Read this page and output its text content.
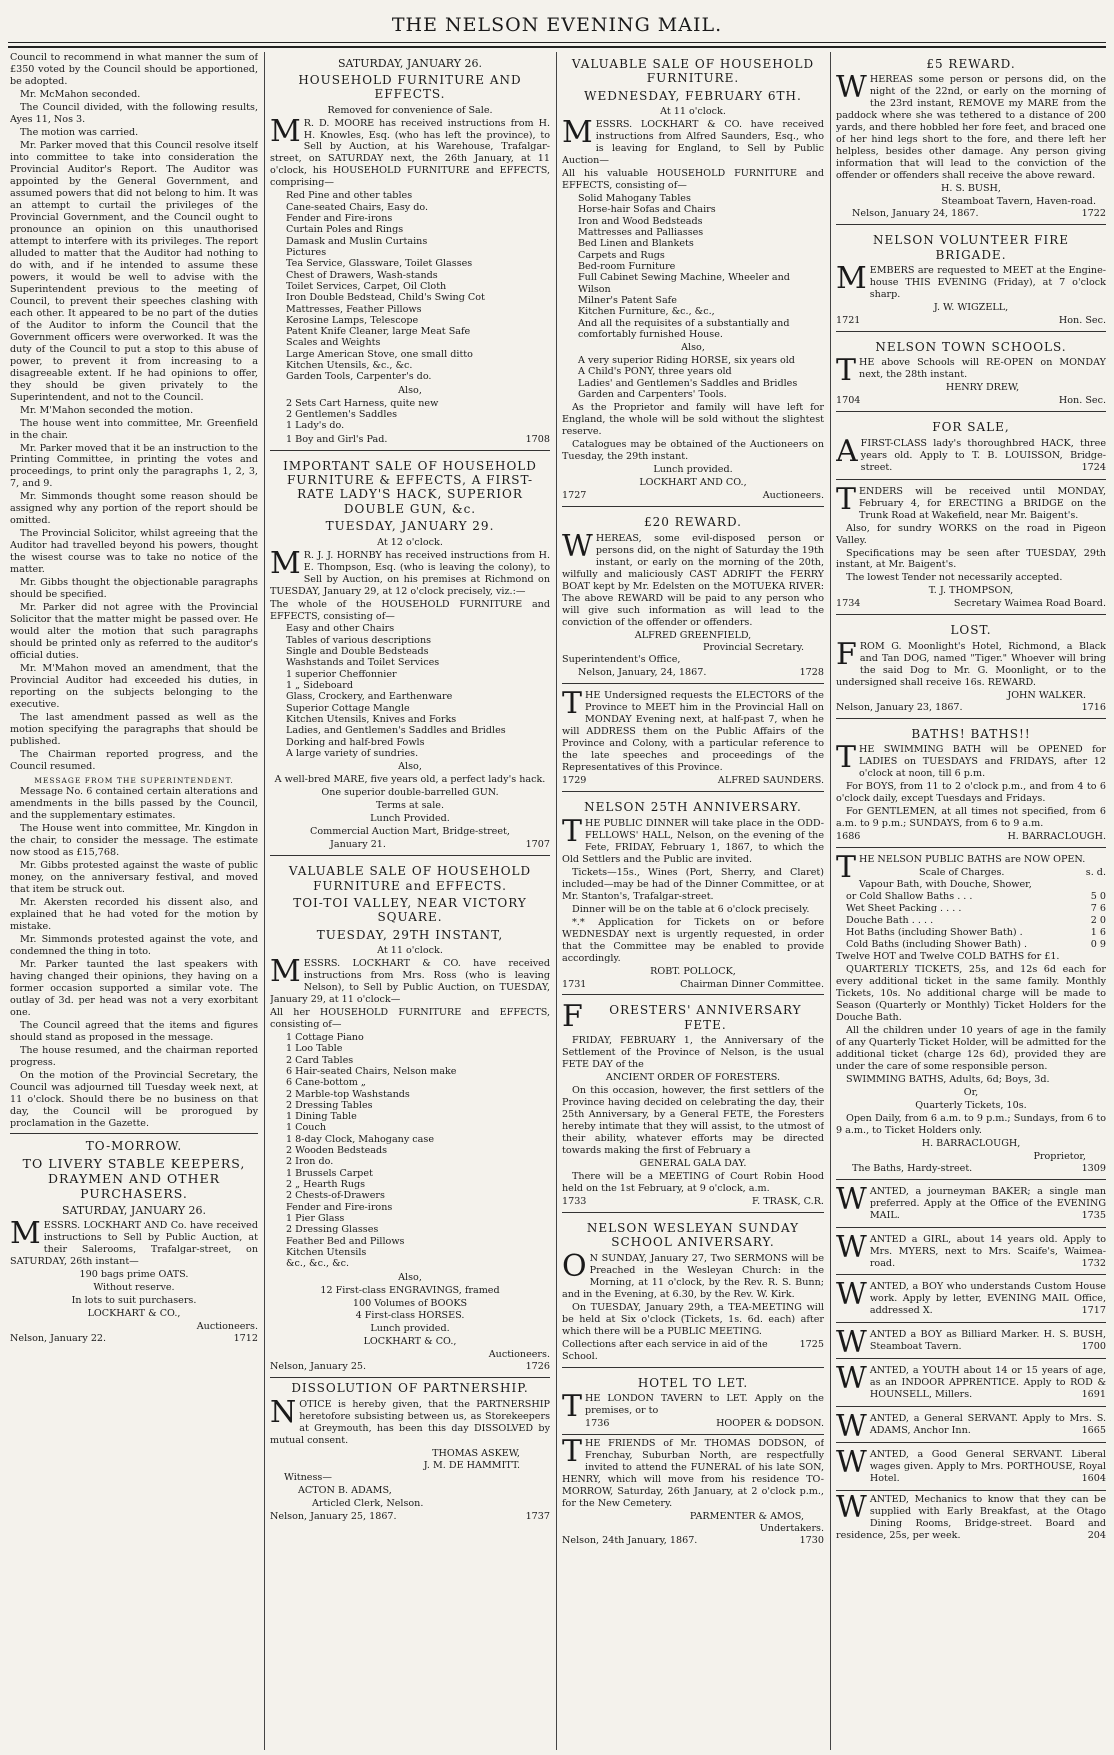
THE NELSON EVENING MAIL.

Council to recommend in what manner the sum of £350 voted by the Council should be apportioned, be adopted.

Mr. McMahon seconded.

The Council divided, with the following results, Ayes 11, Nos 3.

The motion was carried.

Mr. Parker moved that this Council resolve itself into committee to take into consideration the Provincial Auditor's Report. The Auditor was appointed by the General Government, and assumed powers that did not belong to him. It was an attempt to curtail the privileges of the Provincial Government, and the Council ought to pronounce an opinion on this unauthorised attempt to interfere with its privileges. The report alluded to matter that the Auditor had nothing to do with, and if he intended to assume these powers, it would be well to advise with the Superintendent previous to the meeting of Council, to prevent their speeches clashing with each other. It appeared to be no part of the duties of the Auditor to inform the Council that the Government officers were overworked. It was the duty of the Council to put a stop to this abuse of power, to prevent it from increasing to a disagreeable extent. If he had opinions to offer, they should be given privately to the Superintendent, and not to the Council.

Mr. M'Mahon seconded the motion.

The house went into committee, Mr. Greenfield in the chair.

Mr. Parker moved that it be an instruction to the Printing Committee, in printing the votes and proceedings, to print only the paragraphs 1, 2, 3, 7, and 9.

Mr. Simmonds thought some reason should be assigned why any portion of the report should be omitted.

The Provincial Solicitor, whilst agreeing that the Auditor had travelled beyond his powers, thought the wisest course was to take no notice of the matter.

Mr. Gibbs thought the objectionable paragraphs should be specified.

Mr. Parker did not agree with the Provincial Solicitor that the matter might be passed over. He would alter the motion that such paragraphs should be printed only as referred to the auditor's official duties.

Mr. M'Mahon moved an amendment, that the Provincial Auditor had exceeded his duties, in reporting on the subjects belonging to the executive.

The last amendment passed as well as the motion specifying the paragraphs that should be published.

The Chairman reported progress, and the Council resumed.

MESSAGE FROM THE SUPERINTENDENT.

Message No. 6 contained certain alterations and amendments in the bills passed by the Council, and the supplementary estimates.

The House went into committee, Mr. Kingdon in the chair, to consider the message. The estimate now stood as £15,768.

Mr. Gibbs protested against the waste of public money, on the anniversary festival, and moved that item be struck out.

Mr. Akersten recorded his dissent also, and explained that he had voted for the motion by mistake.

Mr. Simmonds protested against the vote, and condemned the thing in toto.

Mr. Parker taunted the last speakers with having changed their opinions, they having on a former occasion supported a similar vote. The outlay of 3d. per head was not a very exorbitant one.

The Council agreed that the items and figures should stand as proposed in the message.

The house resumed, and the chairman reported progress.

On the motion of the Provincial Secretary, the Council was adjourned till Tuesday week next, at 11 o'clock. Should there be no business on that day, the Council will be prorogued by proclamation in the Gazette.

TO-MORROW.
TO LIVERY STABLE KEEPERS, DRAYMEN AND OTHER PURCHASERS.
SATURDAY, JANUARY 26.

MESSRS. LOCKHART AND Co. have received instructions to Sell by Public Auction, at their Salerooms, Trafalgar-street, on SATURDAY, 26th instant—

190 bags prime OATS.

Without reserve.

In lots to suit purchasers.

LOCKHART & CO.,

Auctioneers.

Nelson, January 22.	1712
SATURDAY, JANUARY 26.
HOUSEHOLD FURNITURE AND EFFECTS.

Removed for convenience of Sale.

M R. D. MOORE has received instructions from H. H. Knowles, Esq. (who has left the province), to Sell by Auction, at his Warehouse, Trafalgar-street, on SATURDAY next, the 26th January, at 11 o'clock, his HOUSEHOLD FURNITURE and EFFECTS, comprising—

Red Pine and other tables
Cane-seated Chairs, Easy do.
Fender and Fire-irons
Curtain Poles and Rings
Damask and Muslin Curtains
Pictures
Tea Service, Glassware, Toilet Glasses
Chest of Drawers, Wash-stands
Toilet Services, Carpet, Oil Cloth
Iron Double Bedstead, Child's Swing Cot
Mattresses, Feather Pillows
Kerosine Lamps, Telescope
Patent Knife Cleaner, large Meat Safe
Scales and Weights
Large American Stove, one small ditto
Kitchen Utensils, &c., &c.
Garden Tools, Carpenter's do.

Also,

2 Sets Cart Harness, quite new
2 Gentlemen's Saddles
1 Lady's do.
1 Boy and Girl's Pad.	1708
IMPORTANT SALE OF HOUSEHOLD FURNITURE & EFFECTS, A FIRST-RATE LADY'S HACK, SUPERIOR DOUBLE GUN, &c.
TUESDAY, JANUARY 29.

At 12 o'clock.

M R. J. J. HORNBY has received instructions from H. E. Thompson, Esq. (who is leaving the colony), to Sell by Auction, on his premises at Richmond on TUESDAY, January 29, at 12 o'clock precisely, viz.:—

The whole of the HOUSEHOLD FURNITURE and EFFECTS, consisting of—

Easy and other Chairs
Tables of various descriptions
Single and Double Bedsteads
Washstands and Toilet Services
1 superior Cheffonnier
1 „ Sideboard
Glass, Crockery, and Earthenware
Superior Cottage Mangle
Kitchen Utensils, Knives and Forks
Ladies, and Gentlemen's Saddles and Bridles
Dorking and half-bred Fowls
A large variety of sundries.

Also,

A well-bred MARE, five years old, a perfect lady's hack.

One superior double-barrelled GUN.

Terms at sale.

Lunch Provided.

Commercial Auction Mart, Bridge-street,

January 21.	1707
VALUABLE SALE OF HOUSEHOLD FURNITURE and EFFECTS.
TOI-TOI VALLEY, NEAR VICTORY SQUARE.
TUESDAY, 29TH INSTANT,

At 11 o'clock.

MESSRS. LOCKHART & CO. have received instructions from Mrs. Ross (who is leaving Nelson), to Sell by Public Auction, on TUESDAY, January 29, at 11 o'clock—

All her HOUSEHOLD FURNITURE and EFFECTS, consisting of—

1 Cottage Piano
1 Loo Table
2 Card Tables
6 Hair-seated Chairs, Nelson make
6 Cane-bottom „
2 Marble-top Washstands
2 Dressing Tables
1 Dining Table
1 Couch
1 8-day Clock, Mahogany case
2 Wooden Bedsteads
2 Iron do.
1 Brussels Carpet
2 „ Hearth Rugs
2 Chests-of-Drawers
Fender and Fire-irons
1 Pier Glass
2 Dressing Glasses
Feather Bed and Pillows
Kitchen Utensils
&c., &c., &c.

Also,

12 First-class ENGRAVINGS, framed

100 Volumes of BOOKS

4 First-class HORSES.

Lunch provided.

LOCKHART & CO.,

Auctioneers.

Nelson, January 25.	1726
DISSOLUTION OF PARTNERSHIP.

NOTICE is hereby given, that the PARTNERSHIP heretofore subsisting between us, as Storekeepers at Greymouth, has been this day DISSOLVED by mutual consent.

THOMAS ASKEW,

J. M. DE HAMMITT.

Witness—

ACTON B. ADAMS,

Articled Clerk, Nelson.

Nelson, January 25, 1867.	1737
VALUABLE SALE OF HOUSEHOLD FURNITURE.
WEDNESDAY, FEBRUARY 6TH.

At 11 o'clock.

MESSRS. LOCKHART & CO. have received instructions from Alfred Saunders, Esq., who is leaving for England, to Sell by Public Auction—

All his valuable HOUSEHOLD FURNITURE and EFFECTS, consisting of—

Solid Mahogany Tables
Horse-hair Sofas and Chairs
Iron and Wood Bedsteads
Mattresses and Palliasses
Bed Linen and Blankets
Carpets and Rugs
Bed-room Furniture
Full Cabinet Sewing Machine, Wheeler and Wilson
Milner's Patent Safe
Kitchen Furniture, &c., &c.,
And all the requisites of a substantially and comfortably furnished House.

Also,

A very superior Riding HORSE, six years old
A Child's PONY, three years old
Ladies' and Gentlemen's Saddles and Bridles
Garden and Carpenters' Tools.

As the Proprietor and family will have left for England, the whole will be sold without the slightest reserve.

Catalogues may be obtained of the Auctioneers on Tuesday, the 29th instant.

Lunch provided.

LOCKHART AND CO.,

1727	Auctioneers.
£20 REWARD.

WHEREAS, some evil-disposed person or persons did, on the night of Saturday the 19th instant, or early on the morning of the 20th, wilfully and maliciously CAST ADRIFT the FERRY BOAT kept by Mr. Edelsten on the MOTUEKA RIVER: The above REWARD will be paid to any person who will give such information as will lead to the conviction of the offender or offenders.

ALFRED GREENFIELD,

Provincial Secretary.

Superintendent's Office,

Nelson, January, 24, 1867.	1728

THE Undersigned requests the ELECTORS of the Province to MEET him in the Provincial Hall on MONDAY Evening next, at half-past 7, when he will ADDRESS them on the Public Affairs of the Province and Colony, with a particular reference to the late speeches and proceedings of the Representatives of this Province.

1729	ALFRED SAUNDERS.
NELSON 25TH ANNIVERSARY.

THE PUBLIC DINNER will take place in the ODD-FELLOWS' HALL, Nelson, on the evening of the Fete, FRIDAY, February 1, 1867, to which the Old Settlers and the Public are invited.

Tickets—15s., Wines (Port, Sherry, and Claret) included—may be had of the Dinner Committee, or at Mr. Stanton's, Trafalgar-street.

Dinner will be on the table at 6 o'clock precisely.

*.* Application for Tickets on or before WEDNESDAY next is urgently requested, in order that the Committee may be enabled to provide accordingly.

ROBT. POLLOCK,

1731	Chairman Dinner Committee.
F ORESTERS' ANNIVERSARY FETE.

FRIDAY, FEBRUARY 1, the Anniversary of the Settlement of the Province of Nelson, is the usual FETE DAY of the

ANCIENT ORDER OF FORESTERS.

On this occasion, however, the first settlers of the Province having decided on celebrating the day, their 25th Anniversary, by a General FETE, the Foresters hereby intimate that they will assist, to the utmost of their ability, whatever efforts may be directed towards making the first of February a

GENERAL GALA DAY.

There will be a MEETING of Court Robin Hood held on the 1st February, at 9 o'clock, a.m.

1733	F. TRASK, C.R.
NELSON WESLEYAN SUNDAY SCHOOL ANIVERSARY.

O N SUNDAY, January 27, Two SERMONS will be Preached in the Wesleyan Church: in the Morning, at 11 o'clock, by the Rev. R. S. Bunn; and in the Evening, at 6.30, by the Rev. W. Kirk.

On TUESDAY, January 29th, a TEA-MEETING will be held at Six o'clock (Tickets, 1s. 6d. each) after which there will be a PUBLIC MEETING.

Collections after each service in aid of the School.
1725
HOTEL TO LET.

THE LONDON TAVERN to LET. Apply on the premises, or to

1736	HOOPER & DODSON.

THE FRIENDS of Mr. THOMAS DODSON, of Frenchay, Suburban North, are respectfully invited to attend the FUNERAL of his late SON, HENRY, which will move from his residence TO-MORROW, Saturday, 26th January, at 2 o'clock p.m., for the New Cemetery.

PARMENTER & AMOS,

Undertakers.

Nelson, 24th January, 1867.	1730
£5 REWARD.

WHEREAS some person or persons did, on the night of the 22nd, or early on the morning of the 23rd instant, REMOVE my MARE from the paddock where she was tethered to a distance of 200 yards, and there hobbled her fore feet, and braced one of her hind legs short to the fore, and there left her helpless, besides other damage. Any person giving information that will lead to the conviction of the offender or offenders shall receive the above reward.

H. S. BUSH,

Steamboat Tavern, Haven-road.

Nelson, January 24, 1867.	1722
NELSON VOLUNTEER FIRE BRIGADE.

MEMBERS are requested to MEET at the Engine-house THIS EVENING (Friday), at 7 o'clock sharp.

J. W. WIGZELL,

1721	Hon. Sec.
NELSON TOWN SCHOOLS.

THE above Schools will RE-OPEN on MONDAY next, the 28th instant.

HENRY DREW,

1704	Hon. Sec.
FOR SALE,

AFIRST-CLASS lady's thoroughbred HACK, three years old. Apply to T. B. LOUISSON, Bridge-street.	1724

TENDERS will be received until MONDAY, February 4, for ERECTING a BRIDGE on the Trunk Road at Wakefield, near Mr. Baigent's.

Also, for sundry WORKS on the road in Pigeon Valley.

Specifications may be seen after TUESDAY, 29th instant, at Mr. Baigent's.

The lowest Tender not necessarily accepted.

T. J. THOMPSON,

1734	Secretary Waimea Road Board.
LOST.

FROM G. Moonlight's Hotel, Richmond, a Black and Tan DOG, named "Tiger." Whoever will bring the said Dog to Mr. G. Moonlight, or to the undersigned shall receive 16s. REWARD.

JOHN WALKER.

Nelson, January 23, 1867.	1716
BATHS! BATHS!!

THE SWIMMING BATH will be OPENED for LADIES on TUESDAYS and FRIDAYS, after 12 o'clock at noon, till 6 p.m.

For BOYS, from 11 to 2 o'clock p.m., and from 4 to 6 o'clock daily, except Tuesdays and Fridays.

For GENTLEMEN, at all times not specified, from 6 a.m. to 9 p.m.; SUNDAYS, from 6 to 9 a.m.

1686	H. BARRACLOUGH.

THE NELSON PUBLIC BATHS are NOW OPEN.

Scale of Charges.	s. d.
Vapour Bath, with Douche, Shower,
or Cold Shallow Baths . . .	5 0
Wet Sheet Packing . . . .	7 6
Douche Bath . . . .	2 0
Hot Baths (including Shower Bath) .	1 6
Cold Baths (including Shower Bath) .	0 9

Twelve HOT and Twelve COLD BATHS for £1.

QUARTERLY TICKETS, 25s, and 12s 6d each for every additional ticket in the same family. Monthly Tickets, 10s. No additional charge will be made to Season (Quarterly or Monthly) Ticket Holders for the Douche Bath.

All the children under 10 years of age in the family of any Quarterly Ticket Holder, will be admitted for the additional ticket (charge 12s 6d), provided they are under the care of some responsible person.

SWIMMING BATHS, Adults, 6d; Boys, 3d.

Or,

Quarterly Tickets, 10s.

Open Daily, from 6 a.m. to 9 p.m.; Sundays, from 6 to 9 a.m., to Ticket Holders only.

H. BARRACLOUGH,

Proprietor,

The Baths, Hardy-street.	1309

WANTED, a journeyman BAKER; a single man preferred. Apply at the Office of the EVENING MAIL.	1735

WANTED a GIRL, about 14 years old. Apply to Mrs. MYERS, next to Mrs. Scaife's, Waimea-road.	1732

WANTED, a BOY who understands Custom House work. Apply by letter, EVENING MAIL Office, addressed X.	1717

WANTED a BOY as Billiard Marker. H. S. BUSH, Steamboat Tavern.	1700

WANTED, a YOUTH about 14 or 15 years of age, as an INDOOR APPRENTICE. Apply to ROD & HOUNSELL, Millers.	1691

WANTED, a General SERVANT. Apply to Mrs. S. ADAMS, Anchor Inn.	1665

WANTED, a Good General SERVANT. Liberal wages given. Apply to Mrs. PORTHOUSE, Royal Hotel.	1604

WANTED, Mechanics to know that they can be supplied with Early Breakfast, at the Otago Dining Rooms, Bridge-street. Board and residence, 25s, per week.	204
